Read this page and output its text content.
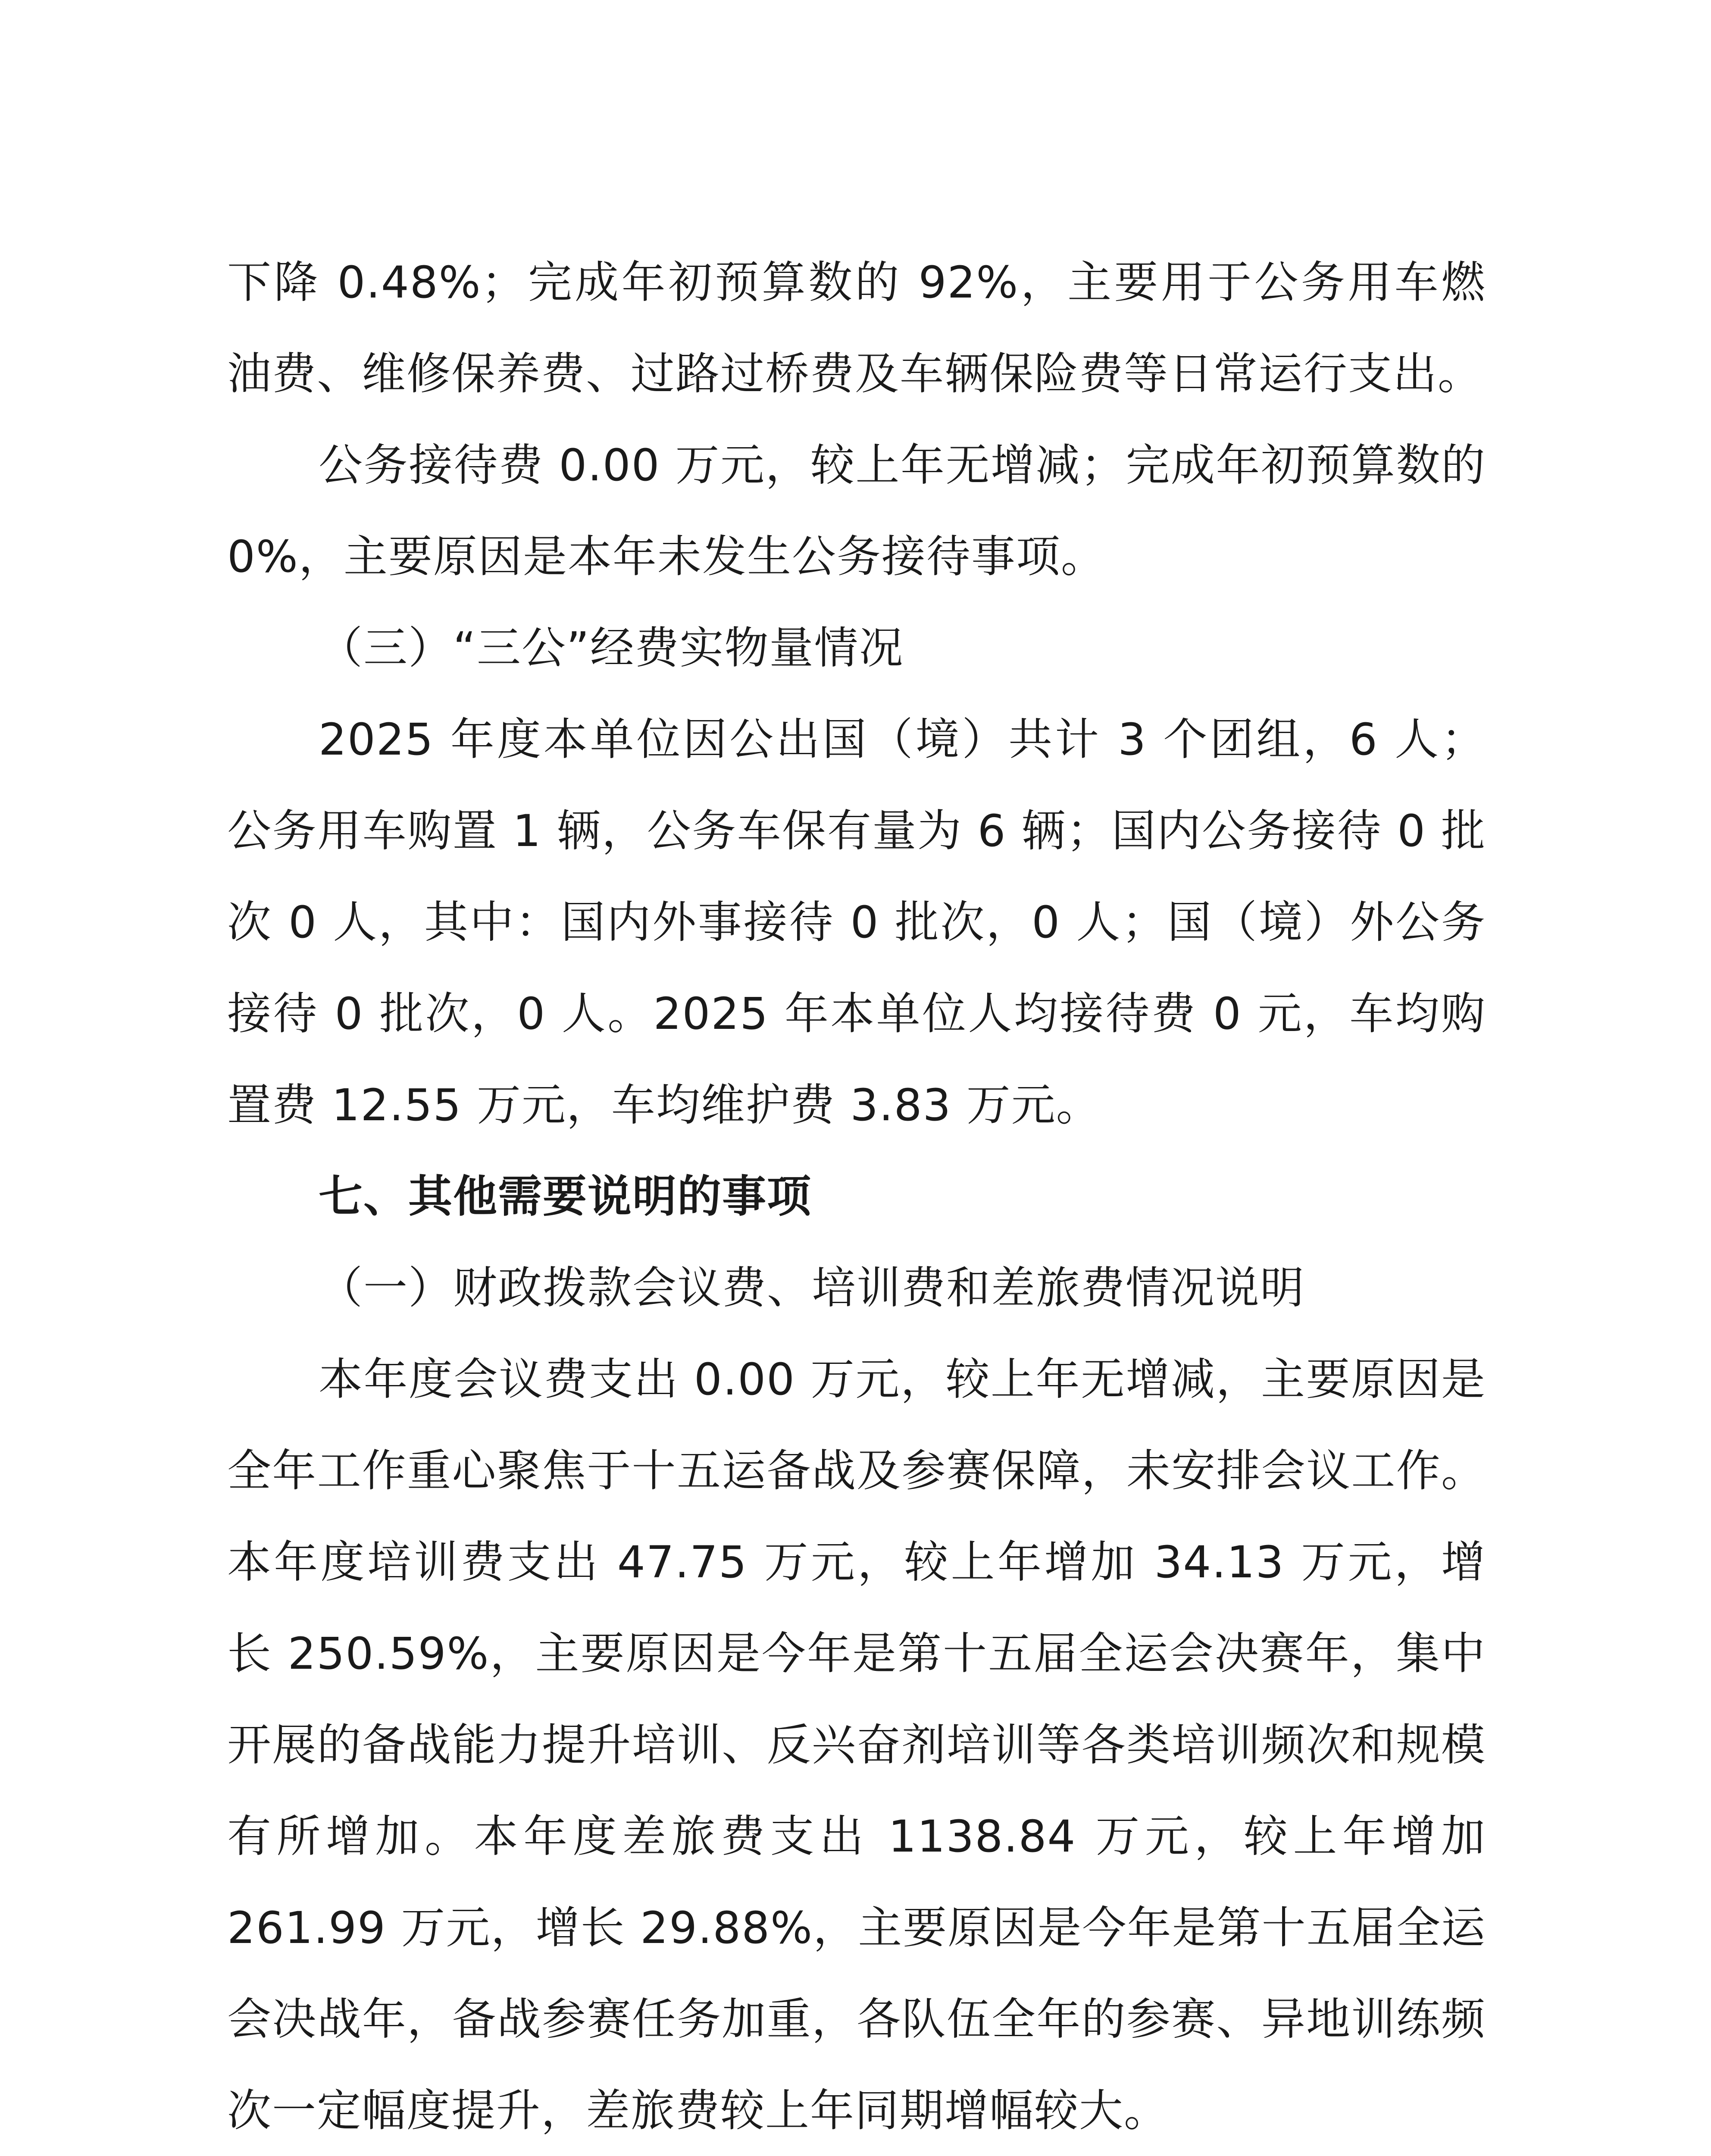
下降 0.48%；完成年初预算数的 92%，主要用于公务用车燃油费、维修保养费、过路过桥费及车辆保险费等日常运行支出。

公务接待费 0.00 万元，较上年无增减；完成年初预算数的 0%，主要原因是本年未发生公务接待事项。

（三）“三公”经费实物量情况

2025 年度本单位因公出国（境）共计 3 个团组，6 人；公务用车购置 1 辆，公务车保有量为 6 辆；国内公务接待 0 批次 0 人，其中：国内外事接待 0 批次，0 人；国（境）外公务接待 0 批次，0 人。2025 年本单位人均接待费 0 元，车均购置费 12.55 万元，车均维护费 3.83 万元。

七、其他需要说明的事项

（一）财政拨款会议费、培训费和差旅费情况说明

本年度会议费支出 0.00 万元，较上年无增减，主要原因是全年工作重心聚焦于十五运备战及参赛保障，未安排会议工作。本年度培训费支出 47.75 万元，较上年增加 34.13 万元，增长 250.59%，主要原因是今年是第十五届全运会决赛年，集中开展的备战能力提升培训、反兴奋剂培训等各类培训频次和规模有所增加。本年度差旅费支出 1138.84 万元，较上年增加 261.99 万元，增长 29.88%，主要原因是今年是第十五届全运会决战年，备战参赛任务加重，各队伍全年的参赛、异地训练频次一定幅度提升，差旅费较上年同期增幅较大。
